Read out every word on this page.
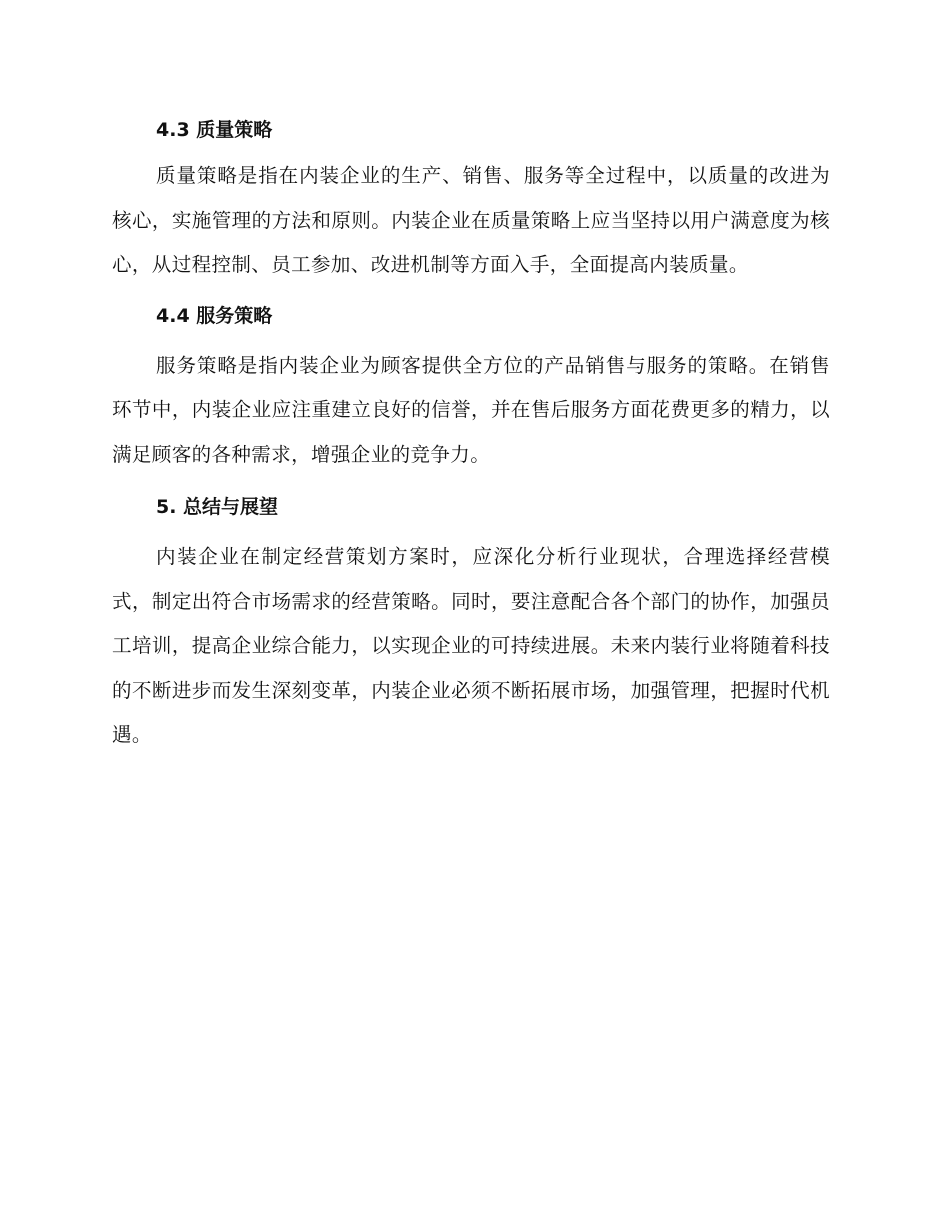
4.3 质量策略

质量策略是指在内装企业的生产、销售、服务等全过程中，以质量的改进为核心，实施管理的方法和原则。内装企业在质量策略上应当坚持以用户满意度为核心，从过程控制、员工参加、改进机制等方面入手，全面提高内装质量。

4.4 服务策略

服务策略是指内装企业为顾客提供全方位的产品销售与服务的策略。在销售环节中，内装企业应注重建立良好的信誉，并在售后服务方面花费更多的精力，以满足顾客的各种需求，增强企业的竞争力。

5. 总结与展望

内装企业在制定经营策划方案时，应深化分析行业现状，合理选择经营模式，制定出符合市场需求的经营策略。同时，要注意配合各个部门的协作，加强员工培训，提高企业综合能力，以实现企业的可持续进展。未来内装行业将随着科技的不断进步而发生深刻变革，内装企业必须不断拓展市场，加强管理，把握时代机遇。
